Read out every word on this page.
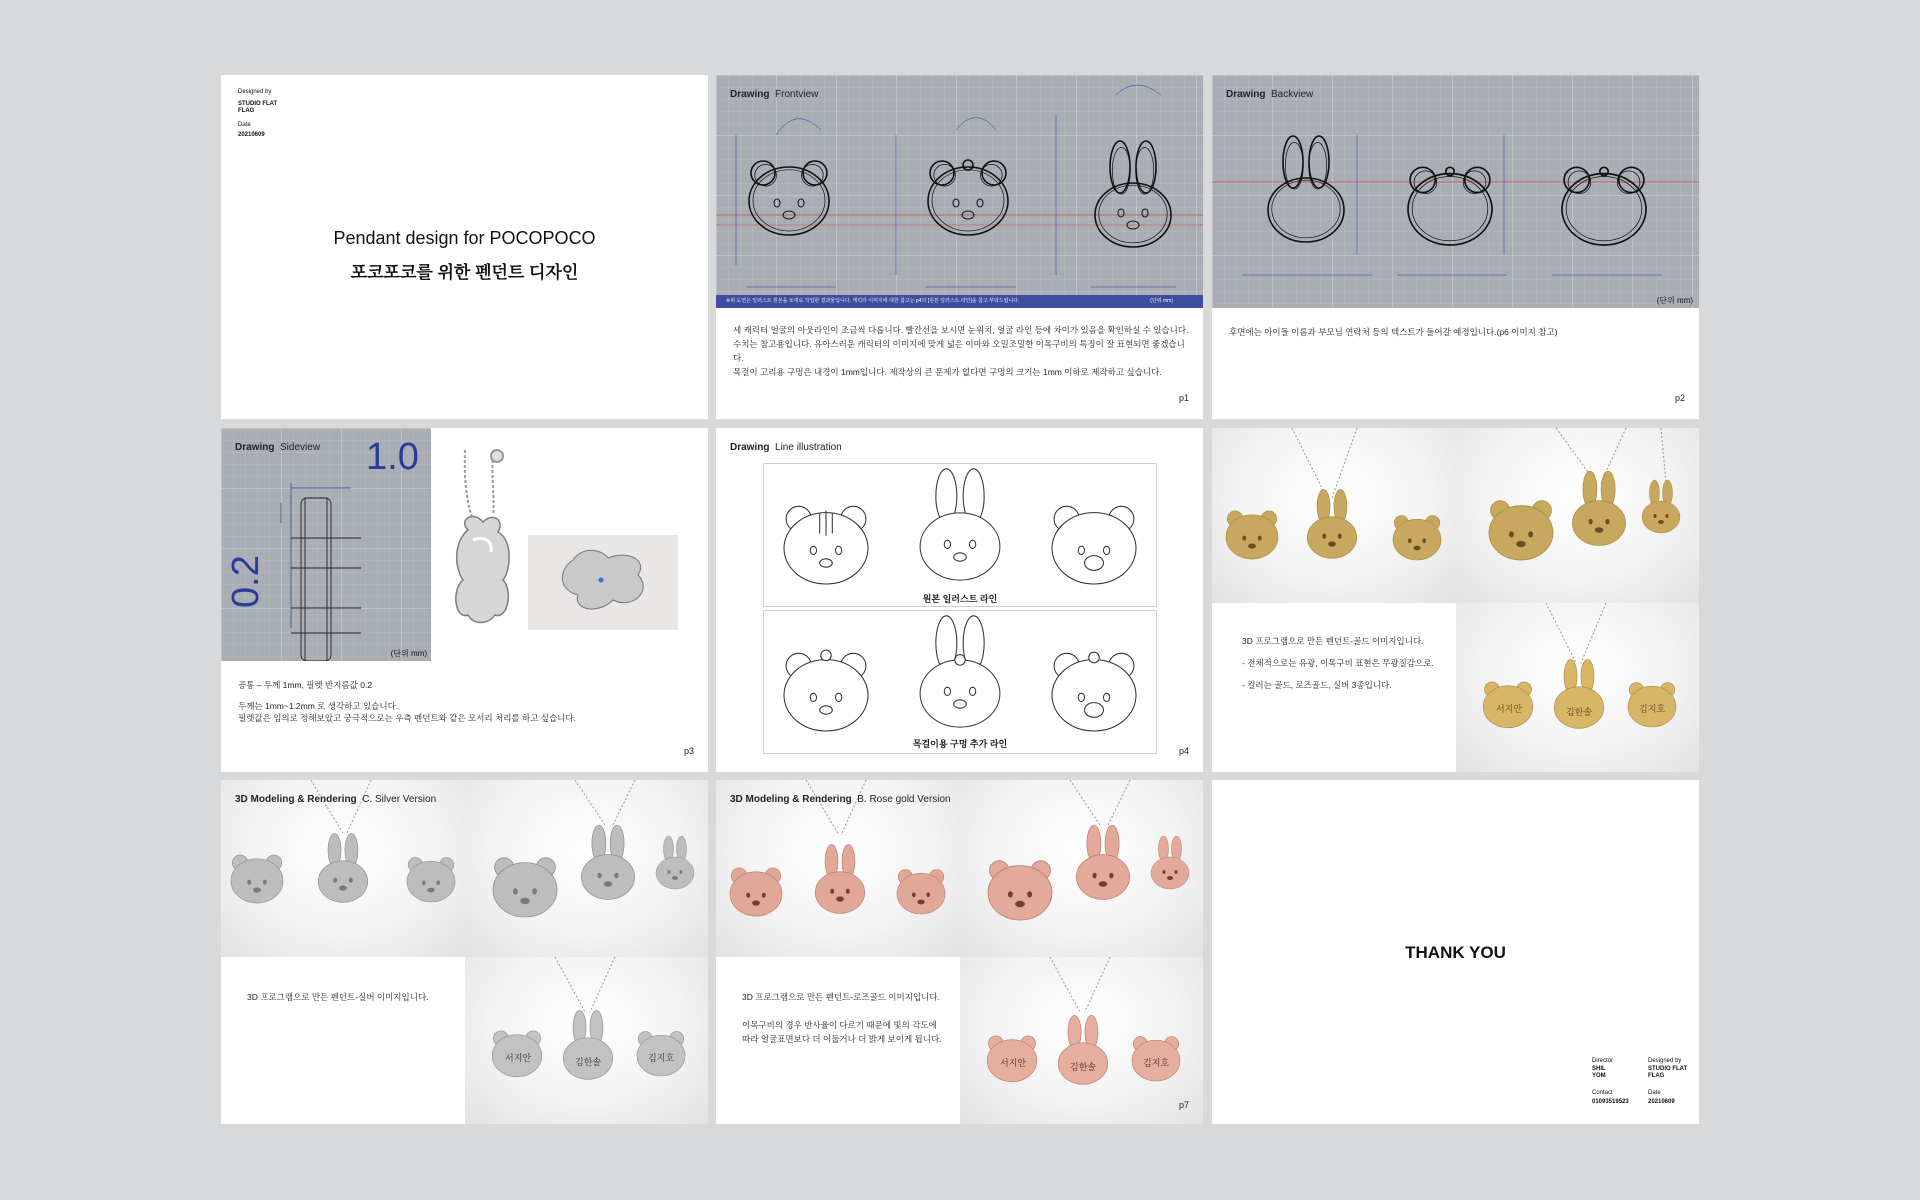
Designed by
STUDIO FLAT FLAG
Date
20210609
Pendant design for POCOPOCO
포코포코를 위한 펜던트 디자인
Drawing Frontview
※위 도면은 일러스트 원본을 토대로 작업한 결과물입니다. 캐릭터 이미지에 대한 참고는 p4의 [원본 일러스트 라인]을 참고 부탁드립니다.	(단위 mm)
세 캐릭터 얼굴의 아웃라인이 조금씩 다릅니다. 빨간선을 보시면 눈위치, 얼굴 라인 등에 차이가 있음을 확인하실 수 있습니다.
수치는 참고용입니다. 유아스러운 캐릭터의 이미지에 맞게 넓은 이마와 오밀조밀한 이목구비의 특징이 잘 표현되면 좋겠습니다.
목걸이 고리용 구멍은 내경이 1mm입니다. 제작상의 큰 문제가 없다면 구멍의 크기는 1mm 이하로 제작하고 싶습니다.
p1
Drawing Backview
(단위 mm)
후면에는 아이들 이름과 부모님 연락처 등의 텍스트가 들어갈 예정입니다.(p6 이미지 참고)
p2
Drawing Sideview 1.0
0.2
(단위 mm)
공통 – 두께 1mm, 필렛 반지름값 0.2
두께는 1mm~1.2mm 로 생각하고 있습니다.
필렛값은 임의로 정해보았고 궁극적으로는 우측 펜던트와 같은 모서리 처리를 하고 싶습니다.
p3
Drawing Line illustration
원본 일러스트 라인
목걸이용 구멍 추가 라인
p4
3D 프로그램으로 만든 펜던트-골드 이미지입니다.
- 전체적으로는 유광, 이목구비 표현은 무광질감으로.
- 컬러는 골드, 로즈골드, 실버 3종입니다.
서지안	김한솔	김지호
3D Modeling & Rendering C. Silver Version
3D 프로그램으로 만든 펜던트-실버 이미지입니다.
서지안	김한솔	김지호
3D Modeling & Rendering B. Rose gold Version
3D 프로그램으로 만든 펜던트-로즈골드 이미지입니다.
이목구비의 경우 반사율이 다르기 때문에 빛의 각도에
따라 얼굴표면보다 더 어둡거나 더 밝게 보이게 됩니다.
서지안	김한솔	김지호
p7
THANK YOU
Director
SHIL YOM
Designed by
STUDIO FLAT FLAG
Contact
01093519523
Date
20210609
